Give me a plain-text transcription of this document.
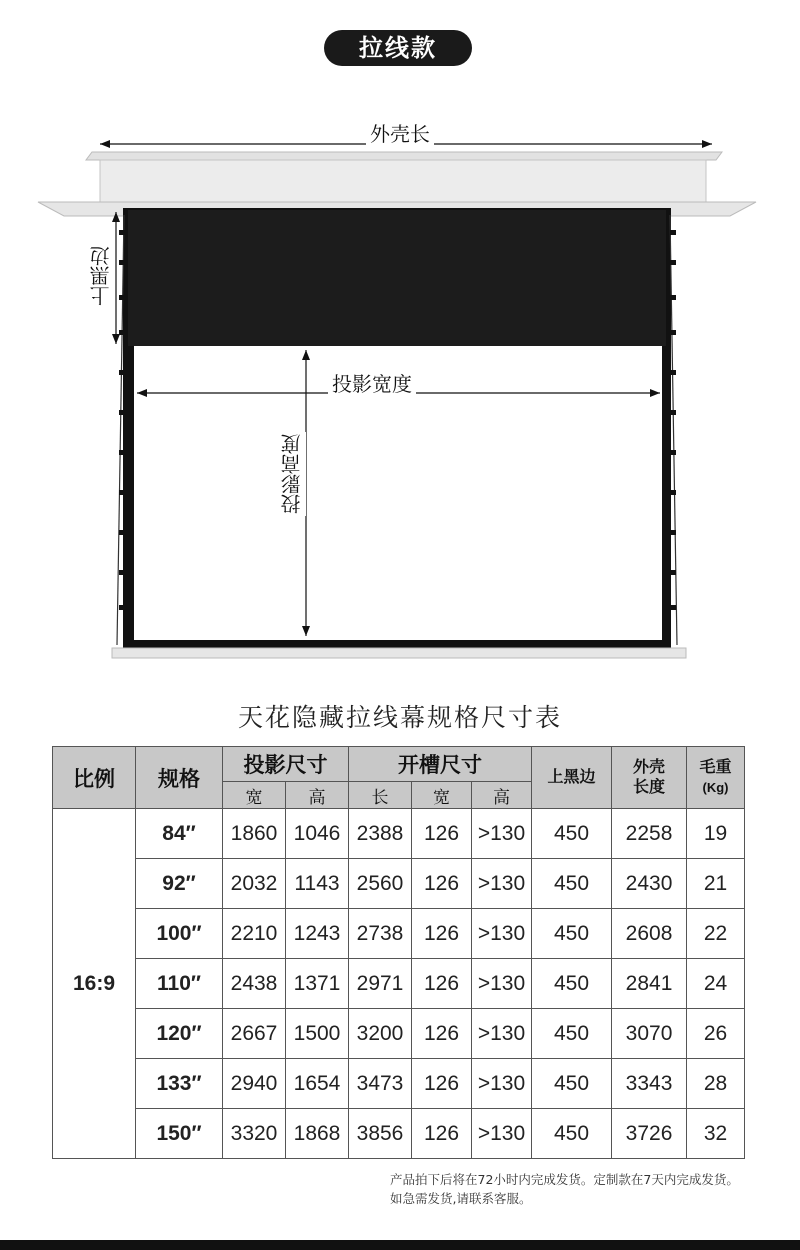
拉线款
外壳长
上黑边
投影宽度
投影高度
天花隐藏拉线幕规格尺寸表
比例	规格	投影尺寸		开槽尺寸			上黑边	外壳长度	毛重
(Kg)

		宽	高	长	宽	高			
16:9	84″	1860	1046	2388	126	>130	450	2258	19
	92″	2032	1143	2560	126	>130	450	2430	21
	100″	2210	1243	2738	126	>130	450	2608	22
	110″	2438	1371	2971	126	>130	450	2841	24
	120″	2667	1500	3200	126	>130	450	3070	26
	133″	2940	1654	3473	126	>130	450	3343	28
	150″	3320	1868	3856	126	>130	450	3726	32
产品拍下后将在72小时内完成发货。定制款在7天内完成发货。
如急需发货,请联系客服。
